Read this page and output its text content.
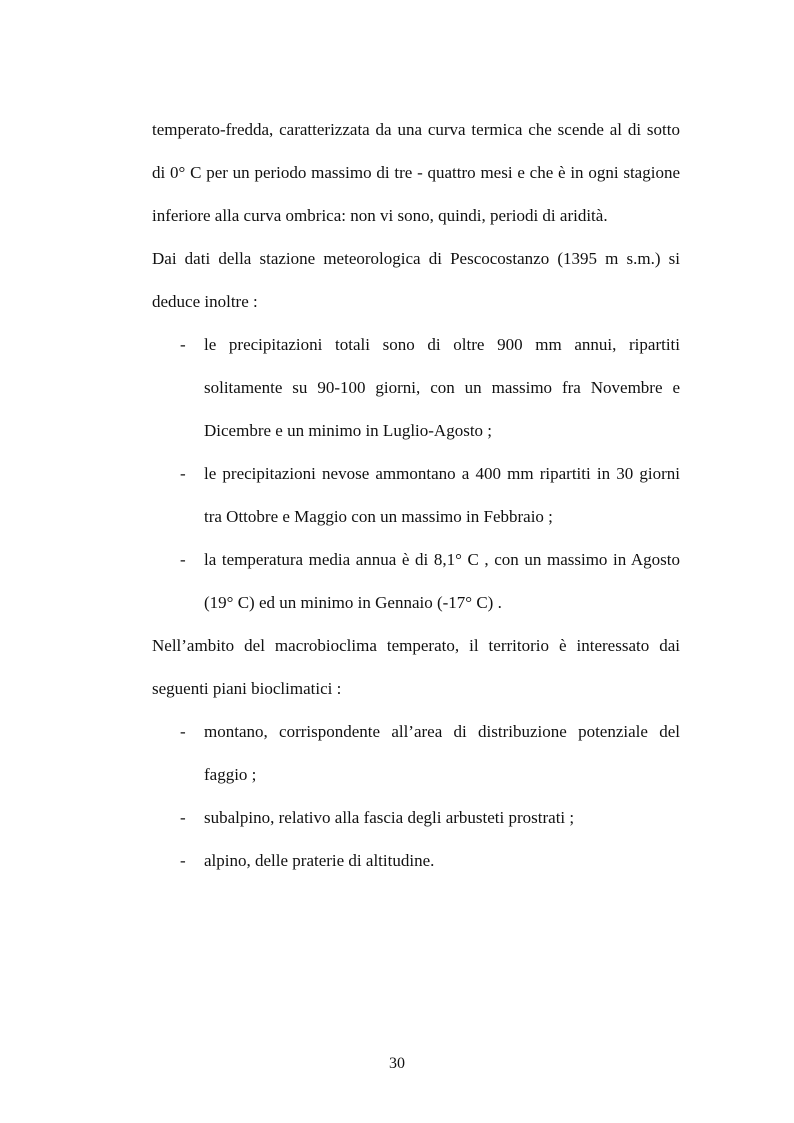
temperato-fredda, caratterizzata da una curva termica che scende al di sotto di 0° C per un periodo massimo di tre - quattro mesi e che è in ogni stagione inferiore alla curva ombrica: non vi sono, quindi, periodi di aridità.

Dai dati della stazione meteorologica di Pescocostanzo (1395 m s.m.) si deduce inoltre :

- le precipitazioni totali sono di oltre 900 mm annui, ripartiti solitamente su 90-100 giorni, con un massimo fra Novembre e Dicembre e un minimo in Luglio-Agosto ;
- le precipitazioni nevose ammontano a 400 mm ripartiti in 30 giorni tra Ottobre e Maggio con un massimo in Febbraio ;
- la temperatura media annua è di 8,1° C , con un massimo in Agosto (19° C) ed un minimo in Gennaio (-17° C) .

Nell’ambito del macrobioclima temperato, il territorio è interessato dai seguenti piani bioclimatici :

- montano, corrispondente all’area di distribuzione potenziale del faggio ;
- subalpino, relativo alla fascia degli arbusteti prostrati ;
- alpino, delle praterie di altitudine.
30
